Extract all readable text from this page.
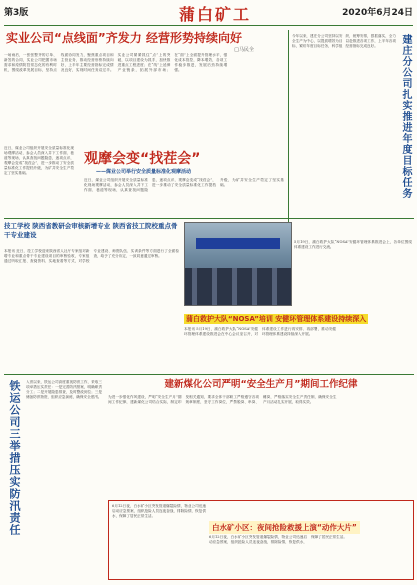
第3版	蒲白矿工	2020年6月24日
实业公司“点线面”齐发力 经营形势持续向好
□马民全
一场雨后，一张张整齐的订单、新签的合同，实业公司把握市场需求和疫情防控常态化的有利时机，围绕改革发展目标，坚持点线面协同发力，聚焦重点项目和主营业务，推动经营形势持续向好，上半年主要经营指标完成情况良好，实现时间任务双过半。实业公司紧紧抓住“点”上的突破，以项目建设为抓手，加快推进重点工程进度；在“线”上延伸产业链条，拓展外部市场；在“面”上全面提升管理水平，强化成本管控，降本增效，各项工作稳步推进，发展后劲持续增强。
近日，煤业公司组织开展安全质量标准化现场观摩活动，参会人员深入井下工作面、巷道等现场，认真查找问题隐患，逐项点评，观摩会变成“找茬会”，进一步推动了安全质量标准化工作提档升级，为矿井安全生产奠定了坚实基础。
观摩会变“找茬会”
——煤业公司举行安全质量标准化观摩活动
近日，煤业公司组织开展安全质量标准化现场观摩活动，参会人员深入井下工作面、巷道等现场，认真查找问题隐患，逐项点评，观摩会变成“找茬会”，进一步推动了安全质量标准化工作提档升级，为矿井安全生产奠定了坚实基础。	建庄分公司扎实推进年度目标任务
今年以来，建庄分公司坚持以安全生产为中心，以提质增效为目标，紧盯年度目标任务，科学组织，统筹安排，狠抓落实，全力以赴推进各项工作，上半年各项经营指标完成良好。
技工学校 陕西省教研会审核新增专业 陕西省技工院校重点骨干专业建设
本报讯 近日，技工学校迎来陕西省人社厅专家组对新增专业和重点骨干专业建设项目的审核验收，专家组通过听取汇报、查阅资料、实地查看等方式，对学校专业建设、师资队伍、实训条件等方面进行了全面检查，给予了充分肯定，一致同意通过审核。
5月19日，蒲白救护大队“NOSA”安健环管理体系推进会上，各单位围绕体系建设工作进行交流。
蒲白救护大队“NOSA”培训 安健环管理体系建设持续深入
本报讯 5月19日，蒲白救护大队“NOSA”安健环管理体系建设推进会在中心会议室召开，对体系建设工作进行再安排、再部署，推动安健环管理体系建设持续深入开展。
铁运公司三举措压实防汛责任 入汛以来，铁运公司高度重视防汛工作，采取三项举措压实责任：一是完善防汛预案，明确职责分工；二是开展隐患排查，及时整改到位；三是储备防汛物资，组织应急演练，确保安全度汛。
建新煤化公司严明“安全生产月”期间工作纪律
为进一步强化作风建设，严明“安全生产月”期间工作纪律，建新煤化公司结合实际，制定印发相关通知，要求全体干部职工严格遵守各项规章制度，坚守工作岗位，严禁脱岗、串岗、睡岗，严格落实安全生产责任制，确保安全生产月活动扎实开展，取得实效。
白水矿小区：夜间抢险救援上演“动作大片”
6月12日夜，白水矿小区突发管道爆裂险情，物业公司迅速启动应急预案，组织抢险人员连夜奋战，排除险情，恢复供水，保障了居民正常生活。
6月12日夜，白水矿小区突发管道爆裂险情，物业公司迅速启动应急预案，组织抢险人员连夜奋战，排除险情，恢复供水，保障了居民正常生活。
